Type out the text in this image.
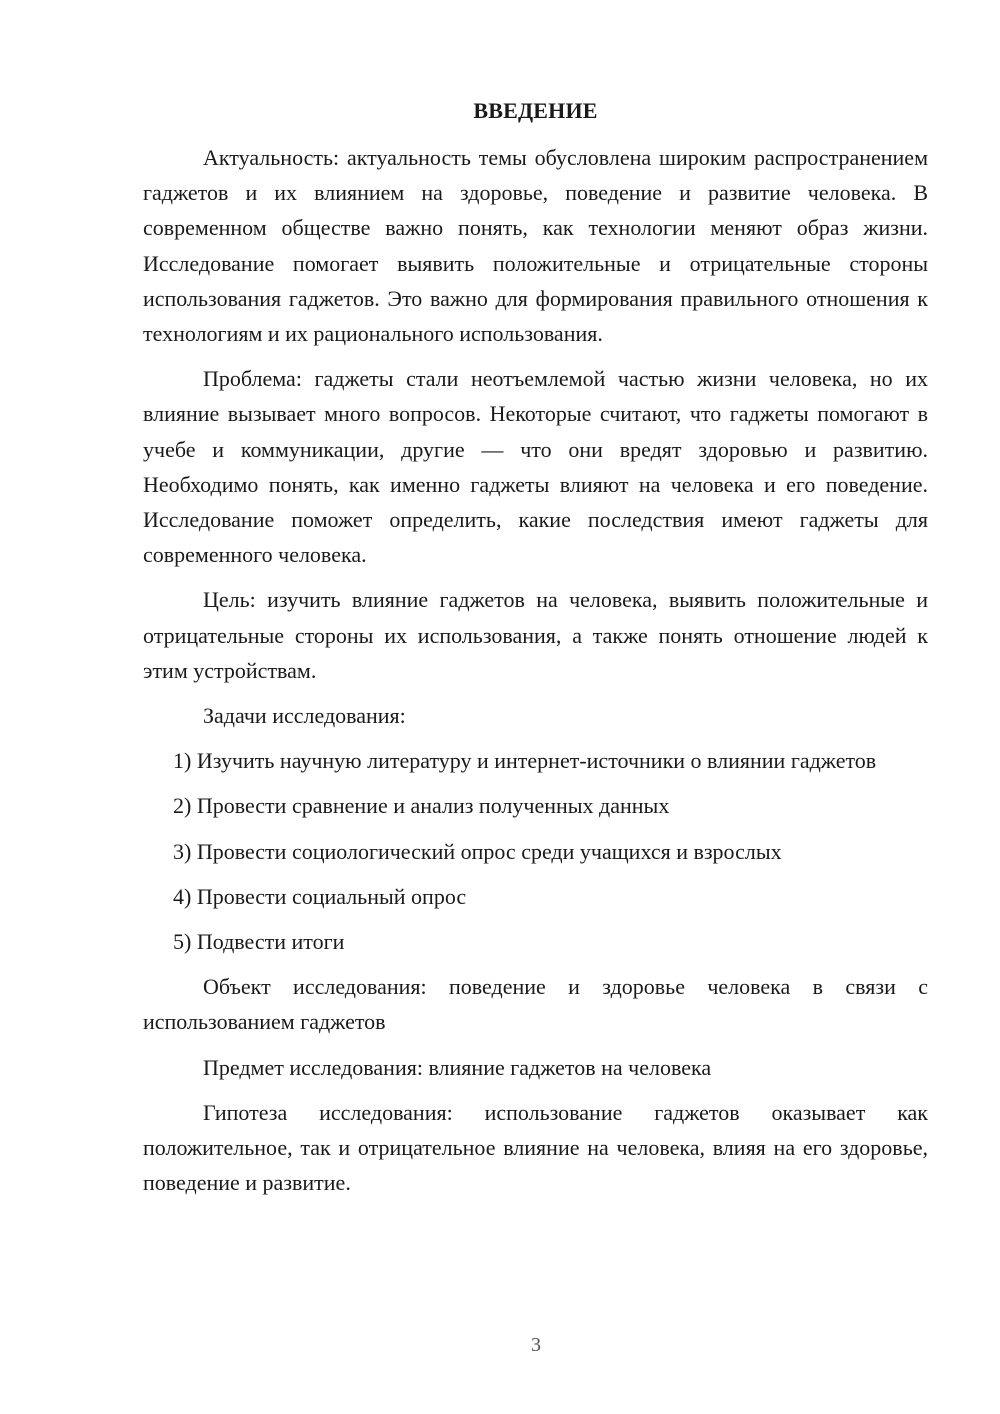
ВВЕДЕНИЕ

Актуальность: актуальность темы обусловлена широким распространением гаджетов и их влиянием на здоровье, поведение и развитие человека. В современном обществе важно понять, как технологии меняют образ жизни. Исследование помогает выявить положительные и отрицательные стороны использования гаджетов. Это важно для формирования правильного отношения к технологиям и их рационального использования.

Проблема: гаджеты стали неотъемлемой частью жизни человека, но их влияние вызывает много вопросов. Некоторые считают, что гаджеты помогают в учебе и коммуникации, другие — что они вредят здоровью и развитию. Необходимо понять, как именно гаджеты влияют на человека и его поведение. Исследование поможет определить, какие последствия имеют гаджеты для современного человека.

Цель: изучить влияние гаджетов на человека, выявить положительные и отрицательные стороны их использования, а также понять отношение людей к этим устройствам.

Задачи исследования:

1) Изучить научную литературу и интернет-источники о влиянии гаджетов

2) Провести сравнение и анализ полученных данных

3) Провести социологический опрос среди учащихся и взрослых

4) Провести социальный опрос

5) Подвести итоги

Объект исследования: поведение и здоровье человека в связи с использованием гаджетов

Предмет исследования: влияние гаджетов на человека

Гипотеза исследования: использование гаджетов оказывает как положительное, так и отрицательное влияние на человека, влияя на его здоровье, поведение и развитие.

3
